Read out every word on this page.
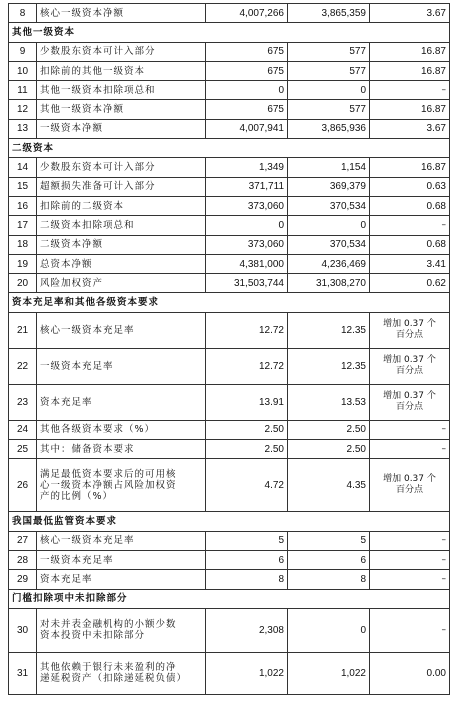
8	核心一级资本净额	4,007,266	3,865,359	3.67
其他一级资本				
9	少数股东资本可计入部分	675	577	16.87
10	扣除前的其他一级资本	675	577	16.87
11	其他一级资本扣除项总和	0	0	–
12	其他一级资本净额	675	577	16.87
13	一级资本净额	4,007,941	3,865,936	3.67
二级资本				
14	少数股东资本可计入部分	1,349	1,154	16.87
15	超额损失准备可计入部分	371,711	369,379	0.63
16	扣除前的二级资本	373,060	370,534	0.68
17	二级资本扣除项总和	0	0	–
18	二级资本净额	373,060	370,534	0.68
19	总资本净额	4,381,000	4,236,469	3.41
20	风险加权资产	31,503,744	31,308,270	0.62
资本充足率和其他各级资本要求				
21	核心一级资本充足率	12.72	12.35	增加 0.37 个
百分点
22	一级资本充足率	12.72	12.35	增加 0.37 个
百分点
23	资本充足率	13.91	13.53	增加 0.37 个
百分点
24	其他各级资本要求（%）	2.50	2.50	–
25	其中：储备资本要求	2.50	2.50	–
26	满足最低资本要求后的可用核
心一级资本净额占风险加权资
产的比例（%）	4.72	4.35	增加 0.37 个
百分点
我国最低监管资本要求				
27	核心一级资本充足率	5	5	–
28	一级资本充足率	6	6	–
29	资本充足率	8	8	–
门槛扣除项中未扣除部分				
30	对未并表金融机构的小额少数
资本投资中未扣除部分	2,308	0	–
31	其他依赖于银行未来盈利的净
递延税资产（扣除递延税负债）	1,022	1,022	0.00
